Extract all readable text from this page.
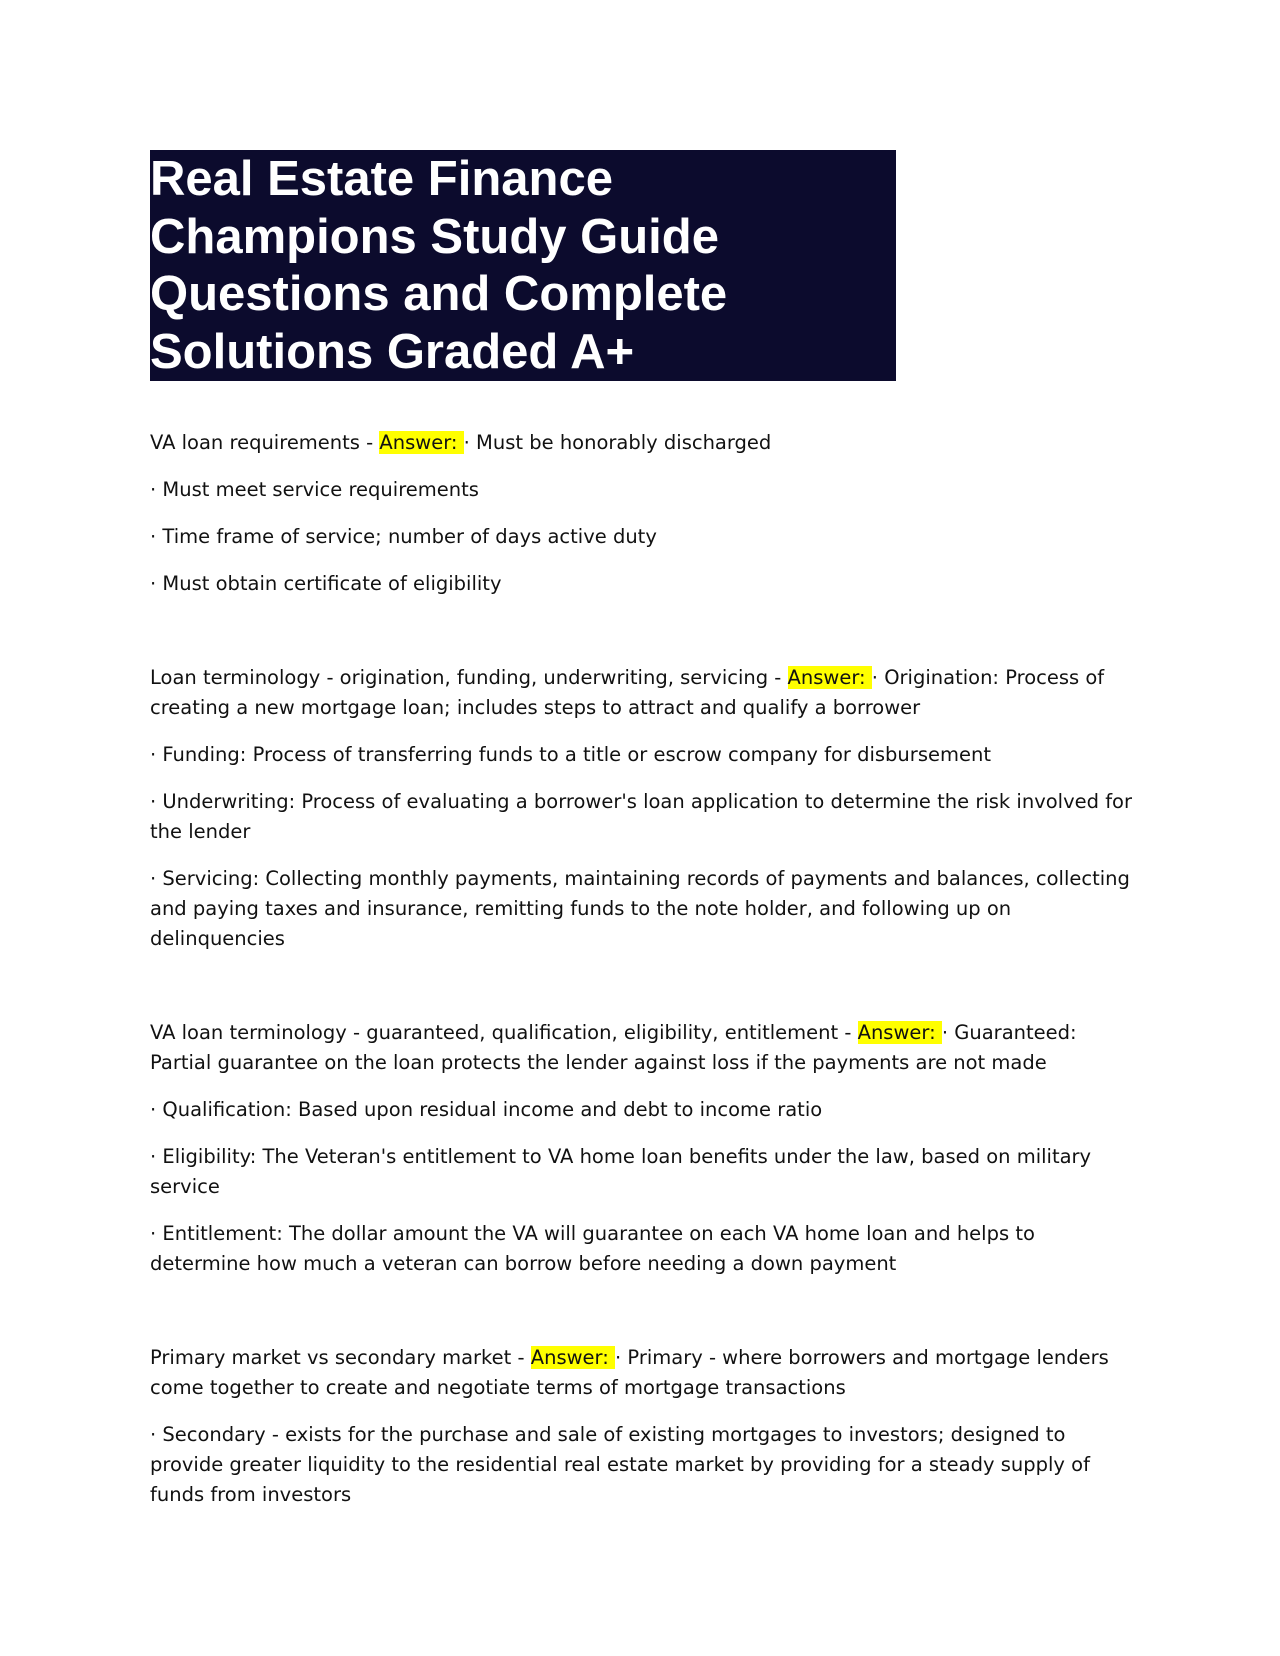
Real Estate Finance

Champions Study Guide

Questions and Complete

Solutions Graded A+

VA loan requirements - Answer: · Must be honorably discharged

· Must meet service requirements

· Time frame of service; number of days active duty

· Must obtain certificate of eligibility

Loan terminology - origination, funding, underwriting, servicing - Answer: · Origination: Process of creating a new mortgage loan; includes steps to attract and qualify a borrower

· Funding: Process of transferring funds to a title or escrow company for disbursement

· Underwriting: Process of evaluating a borrower's loan application to determine the risk involved for the lender

· Servicing: Collecting monthly payments, maintaining records of payments and balances, collecting and paying taxes and insurance, remitting funds to the note holder, and following up on delinquencies

VA loan terminology - guaranteed, qualification, eligibility, entitlement - Answer: · Guaranteed: Partial guarantee on the loan protects the lender against loss if the payments are not made

· Qualification: Based upon residual income and debt to income ratio

· Eligibility: The Veteran's entitlement to VA home loan benefits under the law, based on military service

· Entitlement: The dollar amount the VA will guarantee on each VA home loan and helps to determine how much a veteran can borrow before needing a down payment

Primary market vs secondary market - Answer: · Primary - where borrowers and mortgage lenders come together to create and negotiate terms of mortgage transactions

· Secondary - exists for the purchase and sale of existing mortgages to investors; designed to provide greater liquidity to the residential real estate market by providing for a steady supply of funds from investors
